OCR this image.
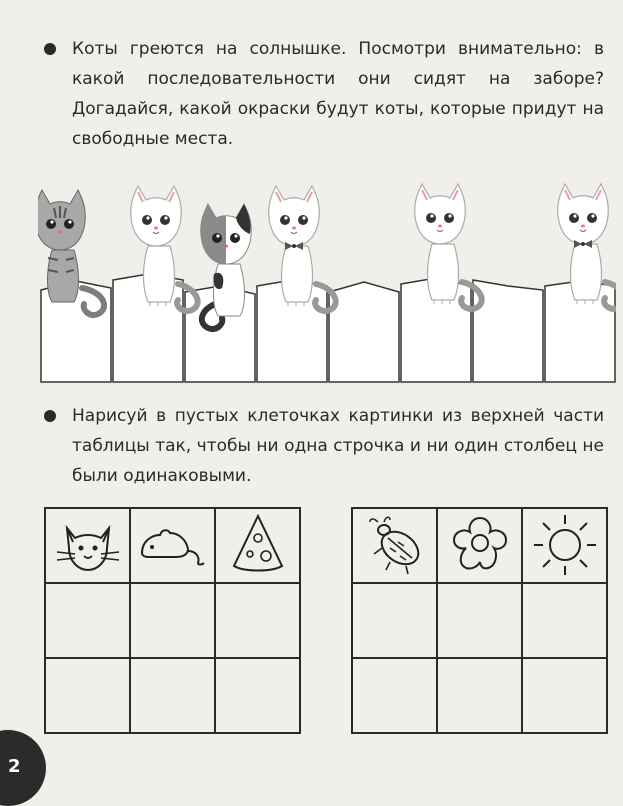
Коты греются на солнышке. Посмотри внимательно: в какой последовательности они сидят на заборе? Догадайся, какой окраски будут коты, которые придут на свободные места.

Нарисуй в пустых клеточках картинки из верхней части таблицы так, чтобы ни одна строчка и ни один столбец не были одинаковыми.

2
